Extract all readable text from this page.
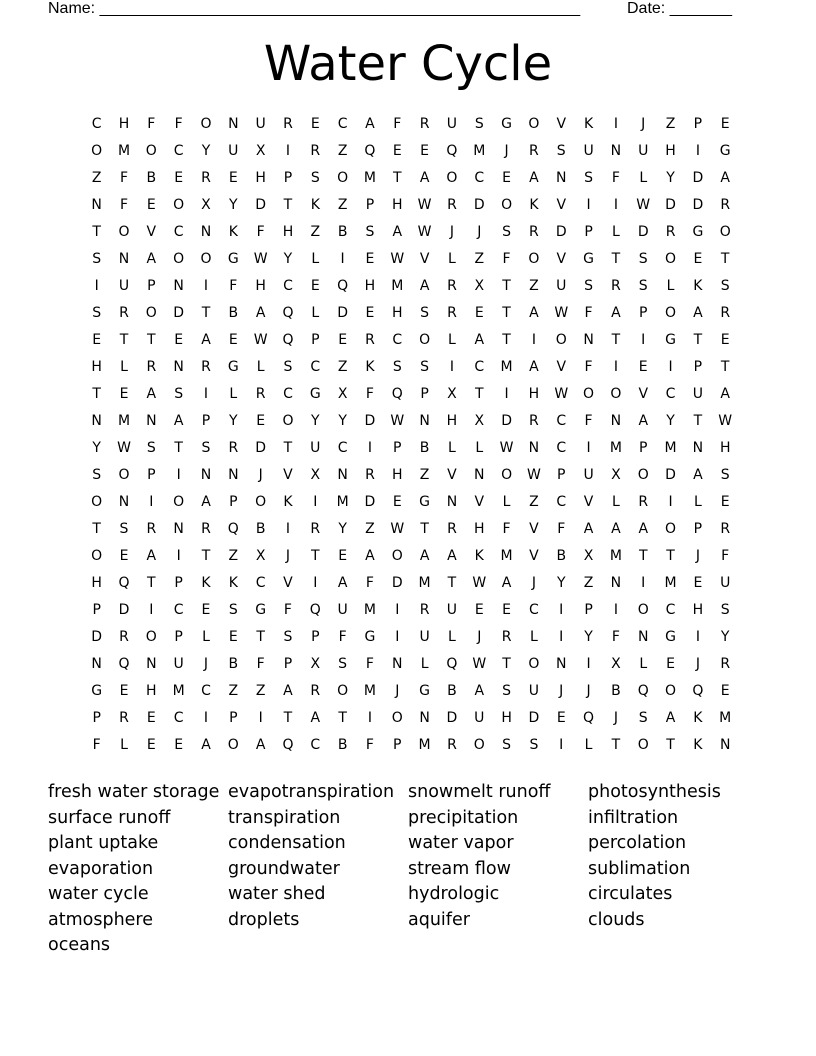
Name: ______________________________________________________	Date: _______
Water Cycle
C	H	F	F	O	N	U	R	E	C	A	F	R	U	S	G	O	V	K	I	J	Z	P	E
O	M	O	C	Y	U	X	I	R	Z	Q	E	E	Q	M	J	R	S	U	N	U	H	I	G
Z	F	B	E	R	E	H	P	S	O	M	T	A	O	C	E	A	N	S	F	L	Y	D	A
N	F	E	O	X	Y	D	T	K	Z	P	H	W	R	D	O	K	V	I	I	W	D	D	R
T	O	V	C	N	K	F	H	Z	B	S	A	W	J	J	S	R	D	P	L	D	R	G	O
S	N	A	O	O	G	W	Y	L	I	E	W	V	L	Z	F	O	V	G	T	S	O	E	T
I	U	P	N	I	F	H	C	E	Q	H	M	A	R	X	T	Z	U	S	R	S	L	K	S
S	R	O	D	T	B	A	Q	L	D	E	H	S	R	E	T	A	W	F	A	P	O	A	R
E	T	T	E	A	E	W	Q	P	E	R	C	O	L	A	T	I	O	N	T	I	G	T	E
H	L	R	N	R	G	L	S	C	Z	K	S	S	I	C	M	A	V	F	I	E	I	P	T
T	E	A	S	I	L	R	C	G	X	F	Q	P	X	T	I	H	W	O	O	V	C	U	A
N	M	N	A	P	Y	E	O	Y	Y	D	W	N	H	X	D	R	C	F	N	A	Y	T	W
Y	W	S	T	S	R	D	T	U	C	I	P	B	L	L	W	N	C	I	M	P	M	N	H
S	O	P	I	N	N	J	V	X	N	R	H	Z	V	N	O	W	P	U	X	O	D	A	S
O	N	I	O	A	P	O	K	I	M	D	E	G	N	V	L	Z	C	V	L	R	I	L	E
T	S	R	N	R	Q	B	I	R	Y	Z	W	T	R	H	F	V	F	A	A	A	O	P	R
O	E	A	I	T	Z	X	J	T	E	A	O	A	A	K	M	V	B	X	M	T	T	J	F
H	Q	T	P	K	K	C	V	I	A	F	D	M	T	W	A	J	Y	Z	N	I	M	E	U
P	D	I	C	E	S	G	F	Q	U	M	I	R	U	E	E	C	I	P	I	O	C	H	S
D	R	O	P	L	E	T	S	P	F	G	I	U	L	J	R	L	I	Y	F	N	G	I	Y
N	Q	N	U	J	B	F	P	X	S	F	N	L	Q	W	T	O	N	I	X	L	E	J	R
G	E	H	M	C	Z	Z	A	R	O	M	J	G	B	A	S	U	J	J	B	Q	O	Q	E
P	R	E	C	I	P	I	T	A	T	I	O	N	D	U	H	D	E	Q	J	S	A	K	M
F	L	E	E	A	O	A	Q	C	B	F	P	M	R	O	S	S	I	L	T	O	T	K	N
fresh water storage
surface runoff
plant uptake
evaporation
water cycle
atmosphere
oceans
evapotranspiration
transpiration
condensation
groundwater
water shed
droplets
snowmelt runoff
precipitation
water vapor
stream flow
hydrologic
aquifer
photosynthesis
infiltration
percolation
sublimation
circulates
clouds
